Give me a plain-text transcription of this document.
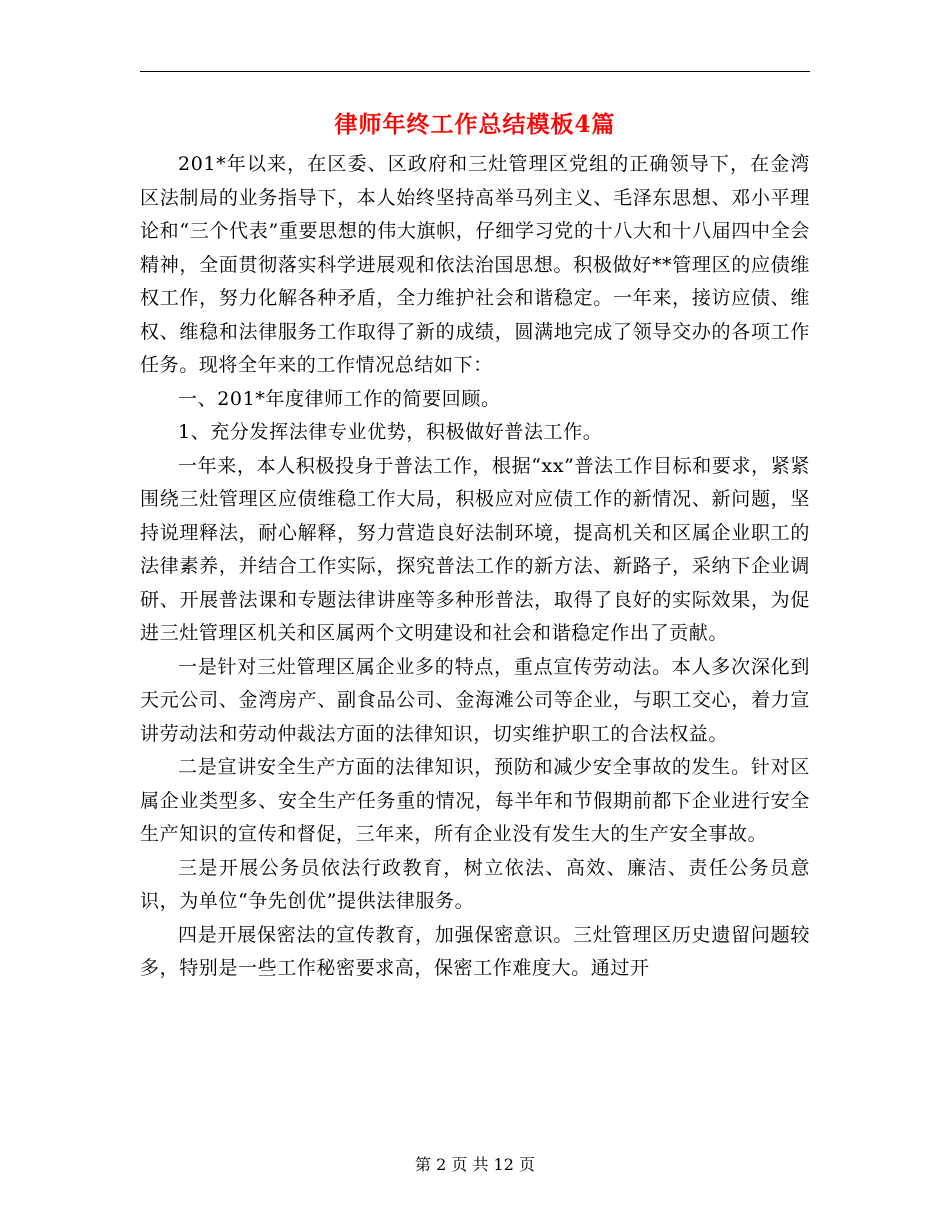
律师年终工作总结模板4篇

201*年以来，在区委、区政府和三灶管理区党组的正确领导下，在金湾区法制局的业务指导下，本人始终坚持高举马列主义、毛泽东思想、邓小平理论和“三个代表”重要思想的伟大旗帜，仔细学习党的十八大和十八届四中全会精神，全面贯彻落实科学进展观和依法治国思想。积极做好**管理区的应债维权工作，努力化解各种矛盾，全力维护社会和谐稳定。一年来，接访应债、维权、维稳和法律服务工作取得了新的成绩，圆满地完成了领导交办的各项工作任务。现将全年来的工作情况总结如下：

一、201*年度律师工作的简要回顾。

1、充分发挥法律专业优势，积极做好普法工作。

一年来，本人积极投身于普法工作，根据“xx”普法工作目标和要求，紧紧围绕三灶管理区应债维稳工作大局，积极应对应债工作的新情况、新问题，坚持说理释法，耐心解释，努力营造良好法制环境，提高机关和区属企业职工的法律素养，并结合工作实际，探究普法工作的新方法、新路子，采纳下企业调研、开展普法课和专题法律讲座等多种形普法，取得了良好的实际效果，为促进三灶管理区机关和区属两个文明建设和社会和谐稳定作出了贡献。

一是针对三灶管理区属企业多的特点，重点宣传劳动法。本人多次深化到天元公司、金湾房产、副食品公司、金海滩公司等企业，与职工交心，着力宣讲劳动法和劳动仲裁法方面的法律知识，切实维护职工的合法权益。

二是宣讲安全生产方面的法律知识，预防和减少安全事故的发生。针对区属企业类型多、安全生产任务重的情况，每半年和节假期前都下企业进行安全生产知识的宣传和督促，三年来，所有企业没有发生大的生产安全事故。

三是开展公务员依法行政教育，树立依法、高效、廉洁、责任公务员意识，为单位“争先创优”提供法律服务。

四是开展保密法的宣传教育，加强保密意识。三灶管理区历史遗留问题较多，特别是一些工作秘密要求高，保密工作难度大。通过开

第 2 页 共 12 页
